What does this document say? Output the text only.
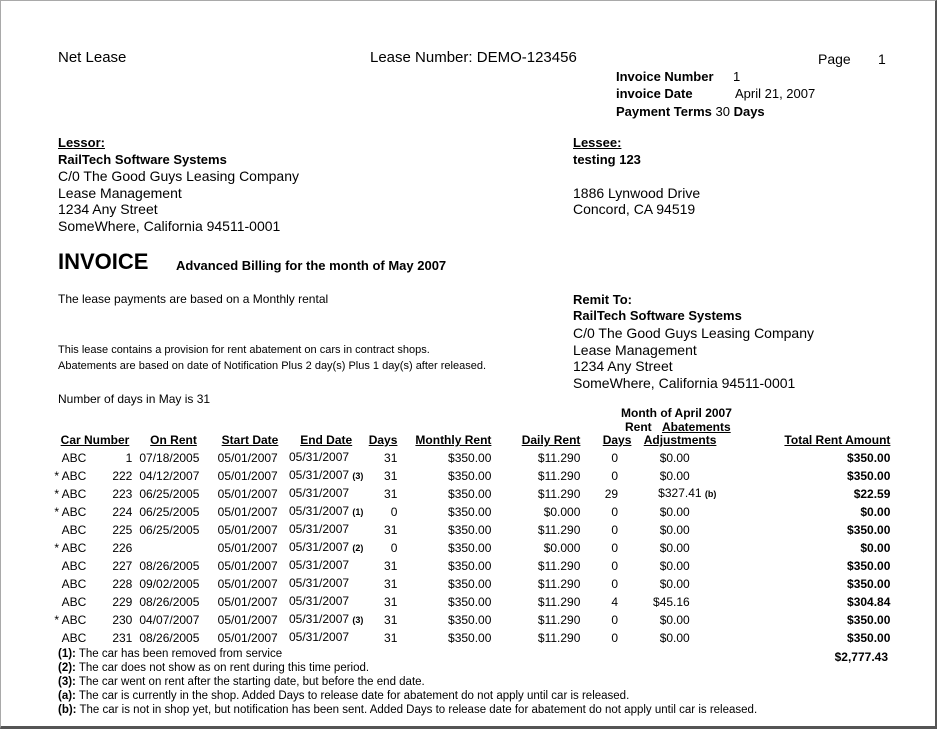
Net Lease	Lease Number: DEMO-123456	Page 1
Invoice Number 1
invoice Date	April 21, 2007
Payment Terms 30 Days
Lessor:
RailTech Software Systems
C/0 The Good Guys Leasing Company
Lease Management
1234 Any Street
SomeWhere, California 94511-0001
Lessee:
testing 123
1886 Lynwood Drive
Concord, CA 94519
INVOICE Advanced Billing for the month of May 2007
The lease payments are based on a Monthly rental	Remit To:
RailTech Software Systems
C/0 The Good Guys Leasing Company
Lease Management
1234 Any Street
SomeWhere, California 94511-0001
This lease contains a provision for rent abatement on cars in contract shops.
Abatements are based on date of Notification Plus 2 day(s) Plus 1 day(s) after released.
Number of days in May is 31
Month of April 2007
Rent Abatements
Car Number	On Rent	Start Date	End Date	Days	Monthly Rent	Daily Rent	Days	Adjustments	Total Rent Amount
ABC 1	07/18/2005	05/01/2007	05/31/2007	31	$350.00	$11.290	0	$0.00	$350.00
* ABC 222	04/12/2007	05/01/2007	05/31/2007 (3)	31	$350.00	$11.290	0	$0.00	$350.00
* ABC 223	06/25/2005	05/01/2007	05/31/2007	31	$350.00	$11.290	29	$327.41 (b)	$22.59
* ABC 224	06/25/2005	05/01/2007	05/31/2007 (1)	0	$350.00	$0.000	0	$0.00	$0.00
ABC 225	06/25/2005	05/01/2007	05/31/2007	31	$350.00	$11.290	0	$0.00	$350.00
* ABC 226		05/01/2007	05/31/2007 (2)	0	$350.00	$0.000	0	$0.00	$0.00
ABC 227	08/26/2005	05/01/2007	05/31/2007	31	$350.00	$11.290	0	$0.00	$350.00
ABC 228	09/02/2005	05/01/2007	05/31/2007	31	$350.00	$11.290	0	$0.00	$350.00
ABC 229	08/26/2005	05/01/2007	05/31/2007	31	$350.00	$11.290	4	$45.16	$304.84
* ABC 230	04/07/2007	05/01/2007	05/31/2007 (3)	31	$350.00	$11.290	0	$0.00	$350.00
ABC 231	08/26/2005	05/01/2007	05/31/2007	31	$350.00	$11.290	0	$0.00	$350.00
$2,777.43
(1): The car has been removed from service
(2): The car does not show as on rent during this time period.
(3): The car went on rent after the starting date, but before the end date.
(a): The car is currently in the shop. Added Days to release date for abatement do not apply until car is released.
(b): The car is not in shop yet, but notification has been sent. Added Days to release date for abatement do not apply until car is released.
